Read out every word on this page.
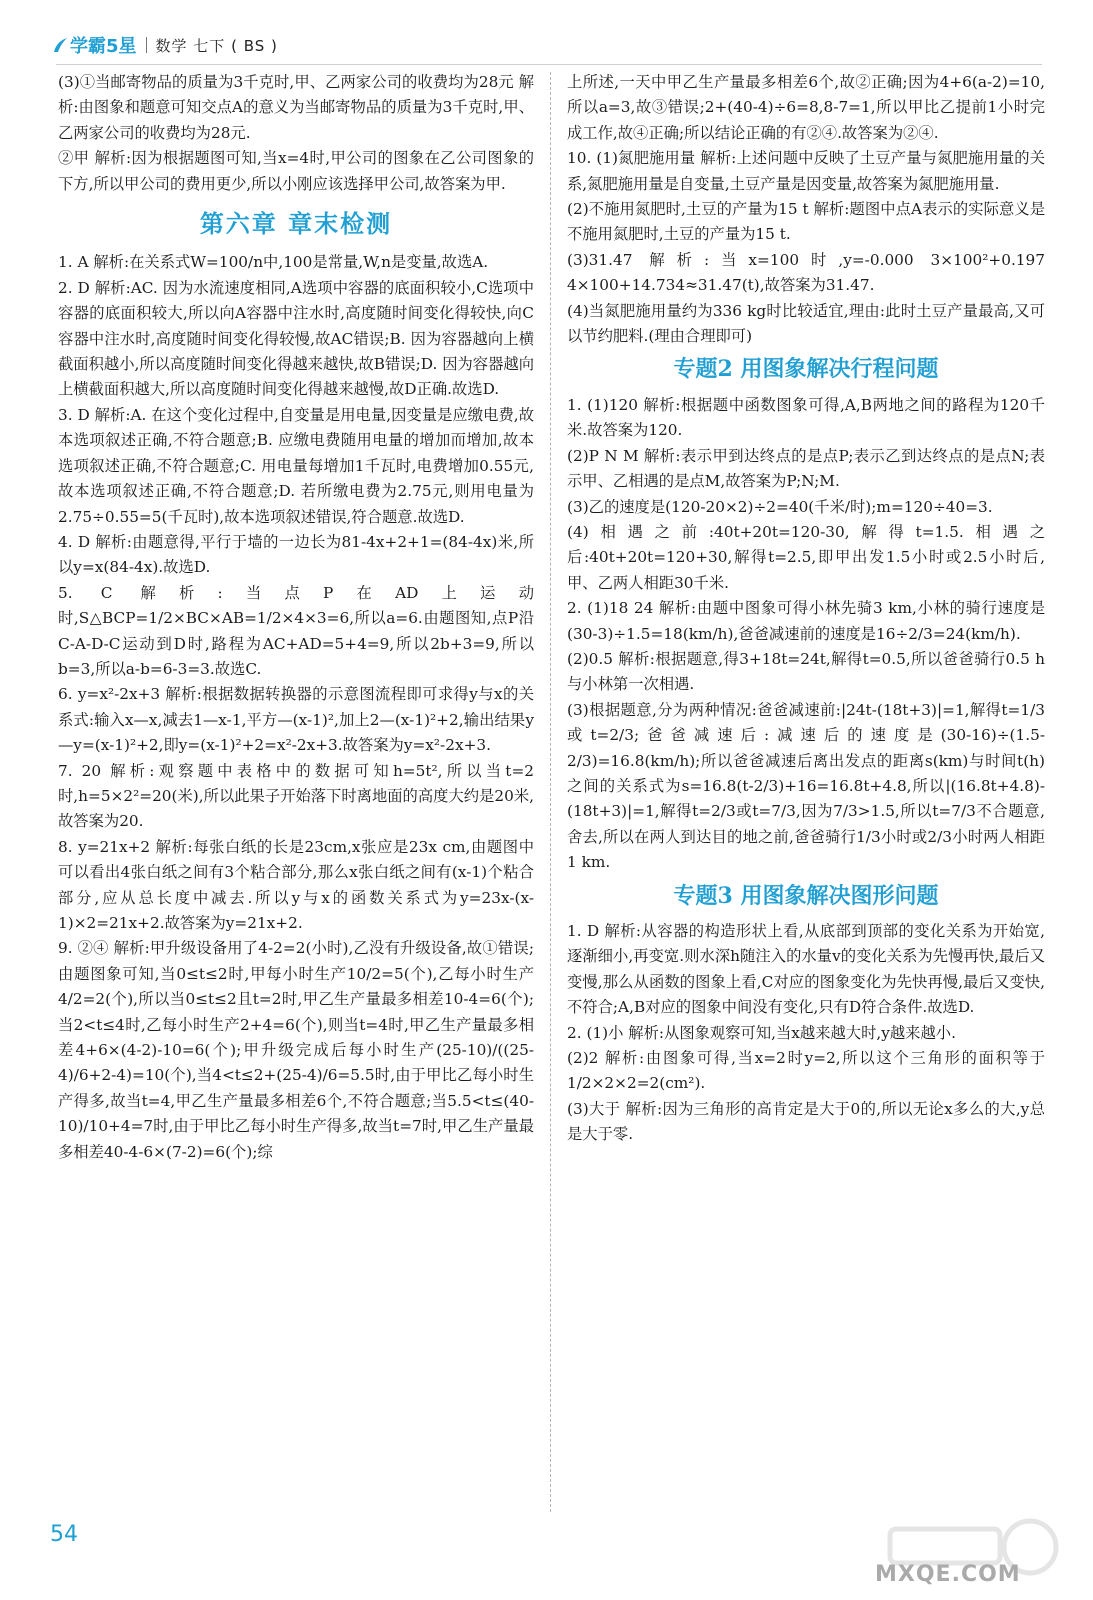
学霸5星 数学 七下 ( BS )

(3)①当邮寄物品的质量为3千克时,甲、乙两家公司的收费均为28元 解析:由图象和题意可知交点A的意义为当邮寄物品的质量为3千克时,甲、乙两家公司的收费均为28元.

②甲 解析:因为根据题图可知,当x=4时,甲公司的图象在乙公司图象的下方,所以甲公司的费用更少,所以小刚应该选择甲公司,故答案为甲.

第六章 章末检测

1. A 解析:在关系式W=100/n中,100是常量,W,n是变量,故选A.

2. D 解析:AC. 因为水流速度相同,A选项中容器的底面积较小,C选项中容器的底面积较大,所以向A容器中注水时,高度随时间变化得较快,向C容器中注水时,高度随时间变化得较慢,故AC错误;B. 因为容器越向上横截面积越小,所以高度随时间变化得越来越快,故B错误;D. 因为容器越向上横截面积越大,所以高度随时间变化得越来越慢,故D正确.故选D.

3. D 解析:A. 在这个变化过程中,自变量是用电量,因变量是应缴电费,故本选项叙述正确,不符合题意;B. 应缴电费随用电量的增加而增加,故本选项叙述正确,不符合题意;C. 用电量每增加1千瓦时,电费增加0.55元,故本选项叙述正确,不符合题意;D. 若所缴电费为2.75元,则用电量为2.75÷0.55=5(千瓦时),故本选项叙述错误,符合题意.故选D.

4. D 解析:由题意得,平行于墙的一边长为81-4x+2+1=(84-4x)米,所以y=x(84-4x).故选D.

5. C 解析:当点P在AD上运动时,S△BCP=1/2×BC×AB=1/2×4×3=6,所以a=6.由题图知,点P沿C-A-D-C运动到D时,路程为AC+AD=5+4=9,所以2b+3=9,所以b=3,所以a-b=6-3=3.故选C.

6. y=x²-2x+3 解析:根据数据转换器的示意图流程即可求得y与x的关系式:输入x—x,减去1—x-1,平方—(x-1)²,加上2—(x-1)²+2,输出结果y—y=(x-1)²+2,即y=(x-1)²+2=x²-2x+3.故答案为y=x²-2x+3.

7. 20 解析:观察题中表格中的数据可知h=5t²,所以当t=2时,h=5×2²=20(米),所以此果子开始落下时离地面的高度大约是20米,故答案为20.

8. y=21x+2 解析:每张白纸的长是23cm,x张应是23x cm,由题图中可以看出4张白纸之间有3个粘合部分,那么x张白纸之间有(x-1)个粘合部分,应从总长度中减去.所以y与x的函数关系式为y=23x-(x-1)×2=21x+2.故答案为y=21x+2.

9. ②④ 解析:甲升级设备用了4-2=2(小时),乙没有升级设备,故①错误;由题图象可知,当0≤t≤2时,甲每小时生产10/2=5(个),乙每小时生产4/2=2(个),所以当0≤t≤2且t=2时,甲乙生产量最多相差10-4=6(个);当2<t≤4时,乙每小时生产2+4=6(个),则当t=4时,甲乙生产量最多相差4+6×(4-2)-10=6(个);甲升级完成后每小时生产(25-10)/((25-4)/6+2-4)=10(个),当4<t≤2+(25-4)/6=5.5时,由于甲比乙每小时生产得多,故当t=4,甲乙生产量最多相差6个,不符合题意;当5.5<t≤(40-10)/10+4=7时,由于甲比乙每小时生产得多,故当t=7时,甲乙生产量最多相差40-4-6×(7-2)=6(个);综

上所述,一天中甲乙生产量最多相差6个,故②正确;因为4+6(a-2)=10,所以a=3,故③错误;2+(40-4)÷6=8,8-7=1,所以甲比乙提前1小时完成工作,故④正确;所以结论正确的有②④.故答案为②④.

10. (1)氮肥施用量 解析:上述问题中反映了土豆产量与氮肥施用量的关系,氮肥施用量是自变量,土豆产量是因变量,故答案为氮肥施用量.

(2)不施用氮肥时,土豆的产量为15 t 解析:题图中点A表示的实际意义是不施用氮肥时,土豆的产量为15 t.

(3)31.47 解析:当x=100时,y=-0.000 3×100²+0.197 4×100+14.734≈31.47(t),故答案为31.47.

(4)当氮肥施用量约为336 kg时比较适宜,理由:此时土豆产量最高,又可以节约肥料.(理由合理即可)

专题2 用图象解决行程问题

1. (1)120 解析:根据题中函数图象可得,A,B两地之间的路程为120千米.故答案为120.

(2)P N M 解析:表示甲到达终点的是点P;表示乙到达终点的是点N;表示甲、乙相遇的是点M,故答案为P;N;M.

(3)乙的速度是(120-20×2)÷2=40(千米/时);m=120÷40=3.

(4)相遇之前:40t+20t=120-30,解得t=1.5.相遇之后:40t+20t=120+30,解得t=2.5,即甲出发1.5小时或2.5小时后,甲、乙两人相距30千米.

2. (1)18 24 解析:由题中图象可得小林先骑3 km,小林的骑行速度是(30-3)÷1.5=18(km/h),爸爸减速前的速度是16÷2/3=24(km/h).

(2)0.5 解析:根据题意,得3+18t=24t,解得t=0.5,所以爸爸骑行0.5 h与小林第一次相遇.

(3)根据题意,分为两种情况:爸爸减速前:|24t-(18t+3)|=1,解得t=1/3或t=2/3;爸爸减速后:减速后的速度是(30-16)÷(1.5-2/3)=16.8(km/h);所以爸爸减速后离出发点的距离s(km)与时间t(h)之间的关系式为s=16.8(t-2/3)+16=16.8t+4.8,所以|(16.8t+4.8)-(18t+3)|=1,解得t=2/3或t=7/3,因为7/3>1.5,所以t=7/3不合题意,舍去,所以在两人到达目的地之前,爸爸骑行1/3小时或2/3小时两人相距1 km.

专题3 用图象解决图形问题

1. D 解析:从容器的构造形状上看,从底部到顶部的变化关系为开始宽,逐渐细小,再变宽.则水深h随注入的水量v的变化关系为先慢再快,最后又变慢,那么从函数的图象上看,C对应的图象变化为先快再慢,最后又变快,不符合;A,B对应的图象中间没有变化,只有D符合条件.故选D.

2. (1)小 解析:从图象观察可知,当x越来越大时,y越来越小.

(2)2 解析:由图象可得,当x=2时y=2,所以这个三角形的面积等于1/2×2×2=2(cm²).

(3)大于 解析:因为三角形的高肯定是大于0的,所以无论x多么的大,y总是大于零.

54
MXQE.COM
